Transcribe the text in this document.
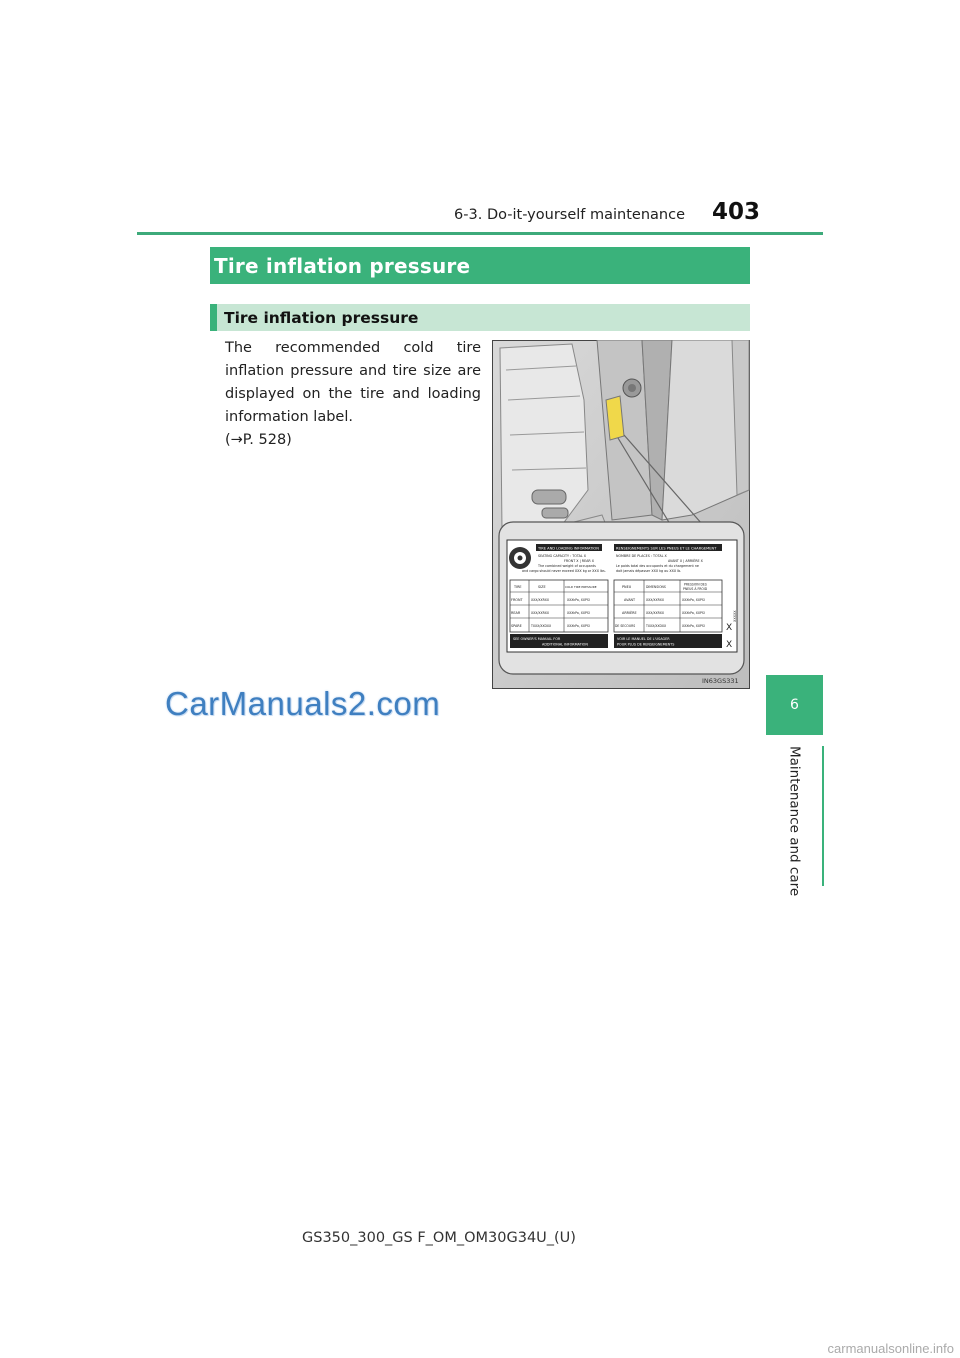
6-3. Do-it-yourself maintenance 403
Tire inflation pressure
Tire inflation pressure
The recommended cold tire inflation pressure and tire size are displayed on the tire and loading information label.
(→P. 528)
TIRE AND LOADING INFORMATION
SEATING CAPACITY : TOTAL X
FRONT X | REAR X
The combined weight of occupants
and cargo should never exceed XXX kg or XXX lbs.
RENSEIGNEMENTS SUR LES PNEUS ET LE CHARGEMENT
NOMBRE DE PLACES : TOTAL X
AVANT X | ARRIÈRE X
Le poids total des occupants et du chargement ne
doit jamais dépasser XXX kg ou XXX lb.
TIRE	SIZE	COLD TIRE PRESSURE
FRONT	XXX/XXRXX	XXXkPa, XXPSI
REAR	XXX/XXRXX	XXXkPa, XXPSI
SPARE	TXXX/XXDXX	XXXkPa, XXPSI
SEE OWNER'S MANUAL FOR
ADDITIONAL INFORMATION
PNEU	DIMENSIONS
PRESSION DES
PNEUS À FROID
AVANT	XXX/XXRXX	XXXkPa, XXPSI
ARRIÈRE	XXX/XXRXX	XXXkPa, XXPSI
DE SECOURS	TXXX/XXDXX	XXXkPa, XXPSI
VOIR LE MANUEL DE L'USAGER
POUR PLUS DE RENSEIGNEMENTS
X
X
XXXXX
IN63GS331
CarManuals2.com	6
Maintenance and care
GS350_300_GS F_OM_OM30G34U_(U)
carmanualsonline.info
